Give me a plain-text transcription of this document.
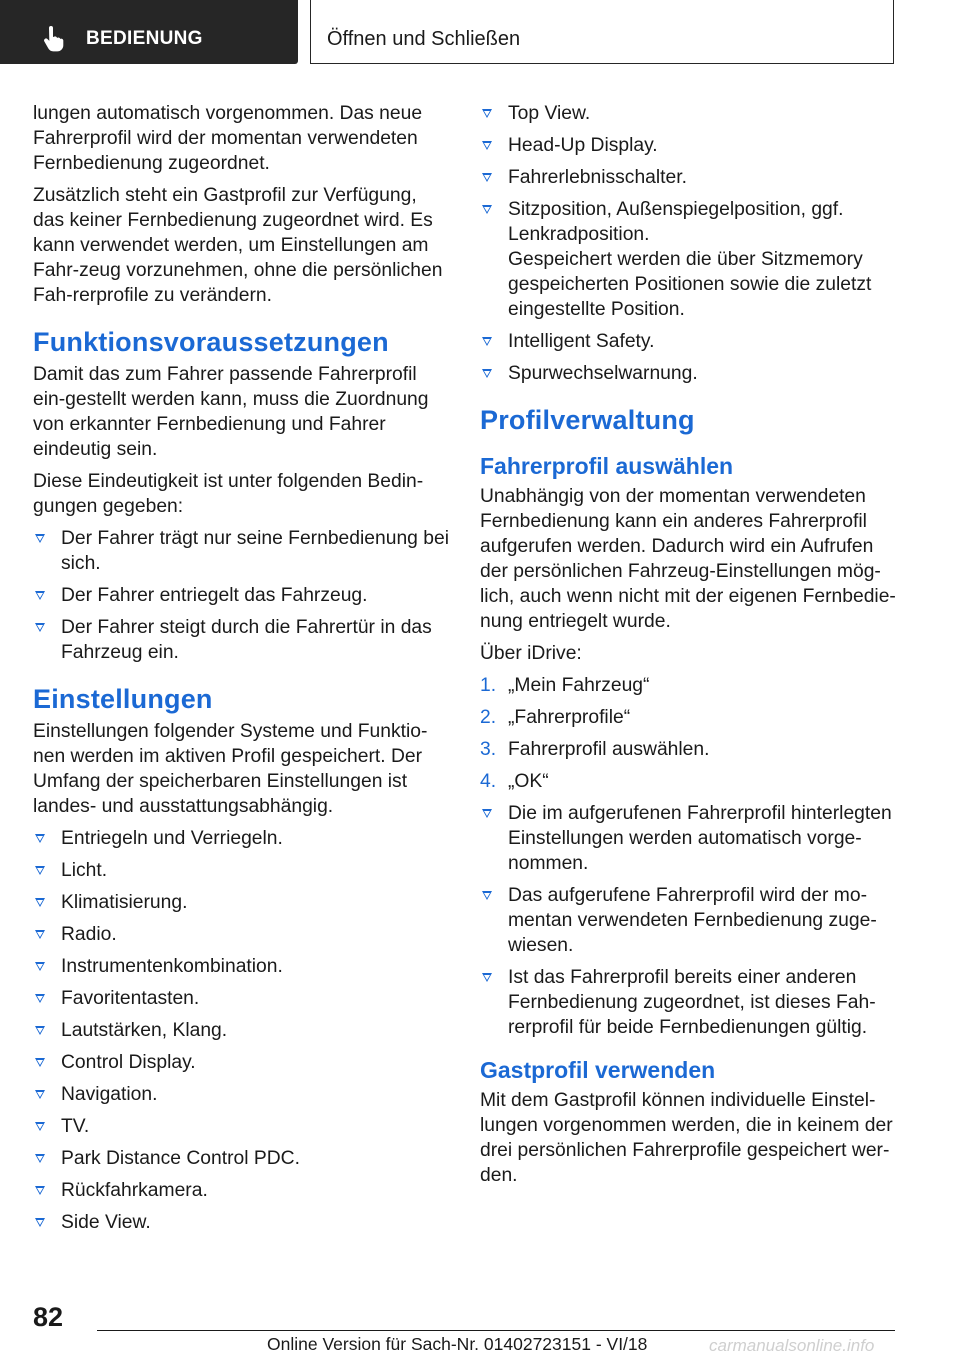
BEDIENUNG	Öffnen und Schließen

lungen automatisch vorgenommen. Das neue Fahrerprofil wird der momentan verwendeten Fernbedienung zugeordnet.

Zusätzlich steht ein Gastprofil zur Verfügung, das keiner Fernbedienung zugeordnet wird. Es kann verwendet werden, um Einstellungen am Fahr‐zeug vorzunehmen, ohne die persönlichen Fah‐rerprofile zu verändern.

Funktionsvoraussetzungen

Damit das zum Fahrer passende Fahrerprofil ein‐gestellt werden kann, muss die Zuordnung von erkannter Fernbedienung und Fahrer eindeutig sein.

Diese Eindeutigkeit ist unter folgenden Bedin‐gungen gegeben:

Der Fahrer trägt nur seine Fernbedienung bei sich.
Der Fahrer entriegelt das Fahrzeug.
Der Fahrer steigt durch die Fahrertür in das Fahrzeug ein.
Einstellungen

Einstellungen folgender Systeme und Funktio‐nen werden im aktiven Profil gespeichert. Der Umfang der speicherbaren Einstellungen ist landes- und ausstattungsabhängig.

Entriegeln und Verriegeln.
Licht.
Klimatisierung.
Radio.
Instrumentenkombination.
Favoritentasten.
Lautstärken, Klang.
Control Display.
Navigation.
TV.
Park Distance Control PDC.
Rückfahrkamera.
Side View.
Top View.
Head-Up Display.
Fahrerlebnisschalter.
Sitzposition, Außenspiegelposition, ggf. Lenkradposition.

Gespeichert werden die über Sitzmemory gespeicherten Positionen sowie die zuletzt eingestellte Position.

Intelligent Safety.
Spurwechselwarnung.
Profilverwaltung
Fahrerprofil auswählen

Unabhängig von der momentan verwendeten Fernbedienung kann ein anderes Fahrerprofil aufgerufen werden. Dadurch wird ein Aufrufen der persönlichen Fahrzeug-Einstellungen mög‐lich, auch wenn nicht mit der eigenen Fernbedie‐nung entriegelt wurde.

Über iDrive:

1. „Mein Fahrzeug“
2. „Fahrerprofile“
3. Fahrerprofil auswählen.
4. „OK“
Die im aufgerufenen Fahrerprofil hinterlegten Einstellungen werden automatisch vorge‐nommen.
Das aufgerufene Fahrerprofil wird der mo‐mentan verwendeten Fernbedienung zuge‐wiesen.
Ist das Fahrerprofil bereits einer anderen Fernbedienung zugeordnet, ist dieses Fah‐rerprofil für beide Fernbedienungen gültig.
Gastprofil verwenden

Mit dem Gastprofil können individuelle Einstel‐lungen vorgenommen werden, die in keinem der drei persönlichen Fahrerprofile gespeichert wer‐den.

82
Online Version für Sach-Nr. 01402723151 - VI/18	carmanualsonline.info
